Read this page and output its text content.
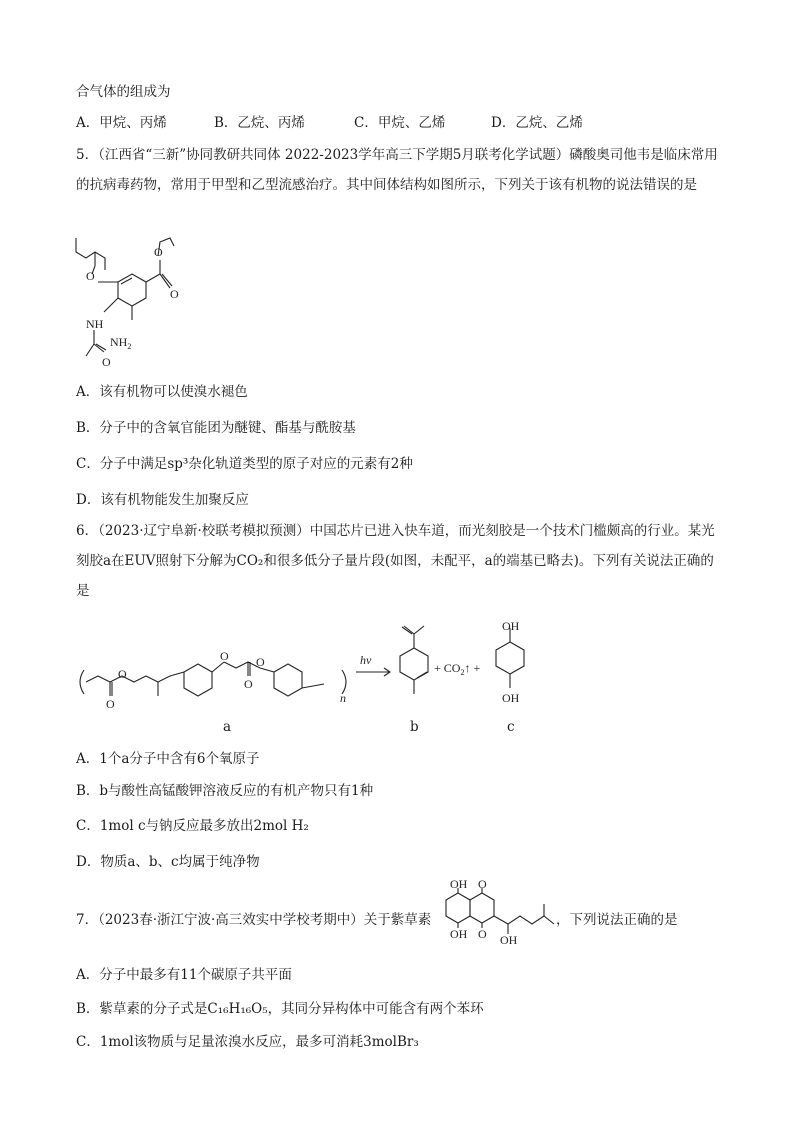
合气体的组成为
A．甲烷、丙烯	B．乙烷、丙烯	C．甲烷、乙烯	D．乙烷、乙烯
5．（江西省“三新”协同教研共同体 2022-2023学年高三下学期5月联考化学试题）磷酸奥司他韦是临床常用的抗病毒药物，常用于甲型和乙型流感治疗。其中间体结构如图所示，下列关于该有机物的说法错误的是
O
O
O
NH
$NH_2$
O
A．该有机物可以使溴水褪色
B．分子中的含氧官能团为醚键、酯基与酰胺基
C．分子中满足sp³杂化轨道类型的原子对应的元素有2种
D．该有机物能发生加聚反应
6．（2023·辽宁阜新·校联考模拟预测）中国芯片已进入快车道，而光刻胶是一个技术门槛颇高的行业。某光刻胶a在EUV照射下分解为CO₂和很多低分子量片段(如图，未配平，a的端基已略去)。下列有关说法正确的是
n
O
O
O
O
O	hv
+ $CO_2↑$ +
OH
OH
a	b	c
A．1个a分子中含有6个氧原子
B．b与酸性高锰酸钾溶液反应的有机产物只有1种
C．1mol c与钠反应最多放出2mol H₂
D．物质a、b、c均属于纯净物
7．（2023春·浙江宁波·高三效实中学校考期中）关于紫草素
OH O
OH O OH
，下列说法正确的是
A．分子中最多有11个碳原子共平面
B．紫草素的分子式是C₁₆H₁₆O₅，其同分异构体中可能含有两个苯环
C．1mol该物质与足量浓溴水反应，最多可消耗3molBr₃
